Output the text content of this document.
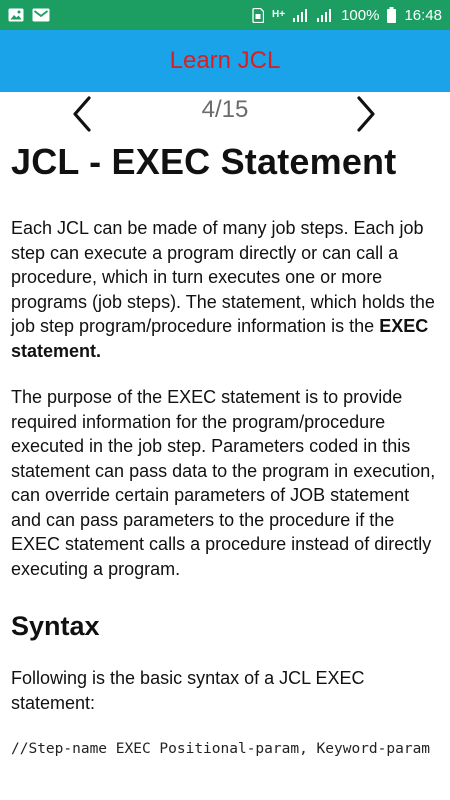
H+	100% 16:48
Learn JCL
4/15
JCL - EXEC Statement

Each JCL can be made of many job steps. Each job step can execute a program directly or can call a procedure, which in turn executes one or more programs (job steps). The statement, which holds the job step program/procedure information is the EXEC statement.

The purpose of the EXEC statement is to provide required information for the program/procedure executed in the job step. Parameters coded in this statement can pass data to the program in execution, can override certain parameters of JOB statement and can pass parameters to the procedure if the EXEC statement calls a procedure instead of directly executing a program.

Syntax

Following is the basic syntax of a JCL EXEC statement:

//Step-name EXEC Positional-param, Keyword-param
